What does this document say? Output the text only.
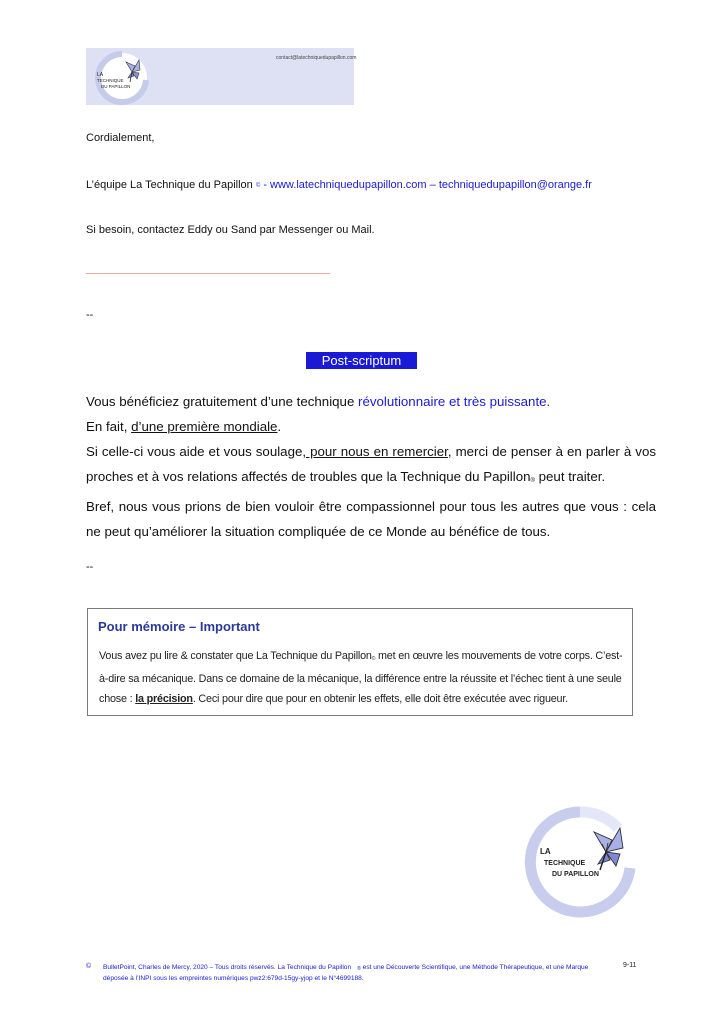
LA
TECHNIQUE
DU PAPILLON
contact@latechniquedupapillon.com
Cordialement,
L’équipe La Technique du Papillon © - www.latechniquedupapillon.com – techniquedupapillon@orange.fr
Si besoin, contactez Eddy ou Sand par Messenger ou Mail.
--
Post-scriptum

Vous bénéficiez gratuitement d’une technique révolutionnaire et très puissante.

En fait, d’une première mondiale.

Si celle-ci vous aide et vous soulage, pour nous en remercier, merci de penser à en parler à vos proches et à vos relations affectés de troubles que la Technique du Papillon® peut traiter.

Bref, nous vous prions de bien vouloir être compassionnel pour tous les autres que vous : cela ne peut qu’améliorer la situation compliquée de ce Monde au bénéfice de tous.

--
Pour mémoire – Important
Vous avez pu lire & constater que La Technique du Papillon© met en œuvre les mouvements de votre corps. C’est-à-dire sa mécanique. Dans ce domaine de la mécanique, la différence entre la réussite et l’échec tient à une seule chose : la précision. Ceci pour dire que pour en obtenir les effets, elle doit être exécutée avec rigueur.
LA
TECHNIQUE
DU PAPILLON
© BulletPoint, Charles de Mercy, 2020 – Tous droits réservés. La Technique du Papillon ® est une Découverte Scientifique, une Méthode Thérapeutique, et une Marque déposée à l’INPI sous les empreintes numériques pwz2:679d-15gy-yjop et le N°4699188.
9-11
